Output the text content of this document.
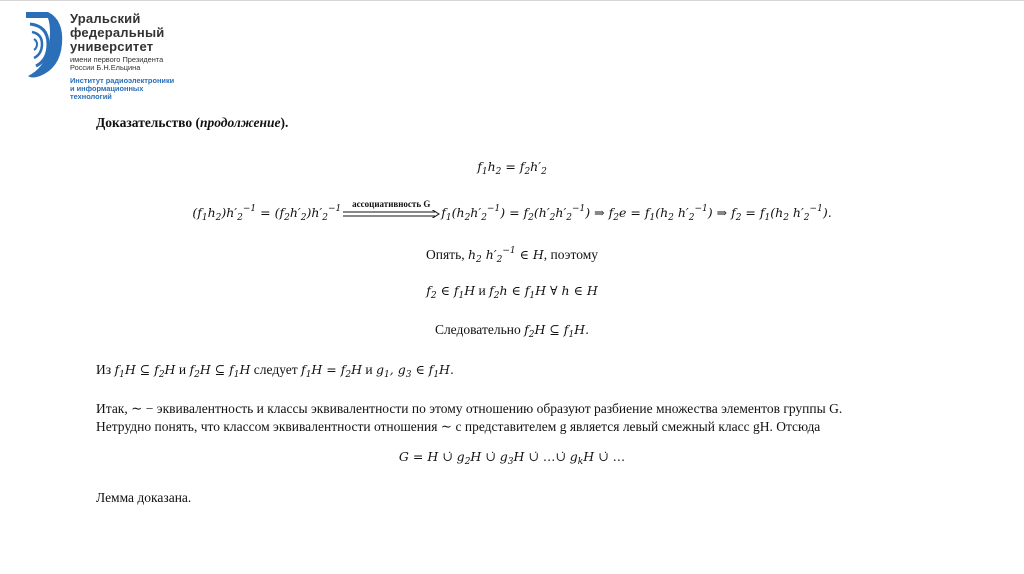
Уральский
федеральный
университет
имени первого Президента
России Б.Н.Ельцина
Институт радиоэлектроники
и информационных
технологий
Доказательство (продолжение).
$f_1h_2 = f_2h'_2$
$(f_1h_2)h'_2^{-1} = (f_2h'_2)h'_2^{-1}$
ассоциативность G
$f_1(h_2h'_2^{-1}) = f_2(h'_2h'_2^{-1})$ ⇒ $f_2e = f_1(h_2$ $h'_2^{-1}$) ⇒ $f_2 = f_1(h_2$ $h'_2^{-1}$).
Опять, $h_2$ $h'_2^{-1}$ ∈ H, поэтому
$f_2$ ∈ $f_1H$ и $f_2h$ ∈ $f_1H$ ∀ h ∈ H
Следовательно $f_2H$ ⊆ $f_1H$.
Из $f_1H$ ⊆ $f_2H$ и $f_2H$ ⊆ $f_1H$ следует $f_1H = f_2H$ и $g_1$, $g_3$ ∈ $f_1H$.
Итак, ∼ − эквивалентность и классы эквивалентности по этому отношению образуют разбиение множества элементов группы G.
Нетрудно понять, что классом эквивалентности отношения ∼ с представителем g является левый смежный класс gH. Отсюда
G = H ∪̇ $g_2H$ ∪̇ $g_3H$ ∪̇ …∪̇ $g_kH$ ∪̇ …
Лемма доказана.
